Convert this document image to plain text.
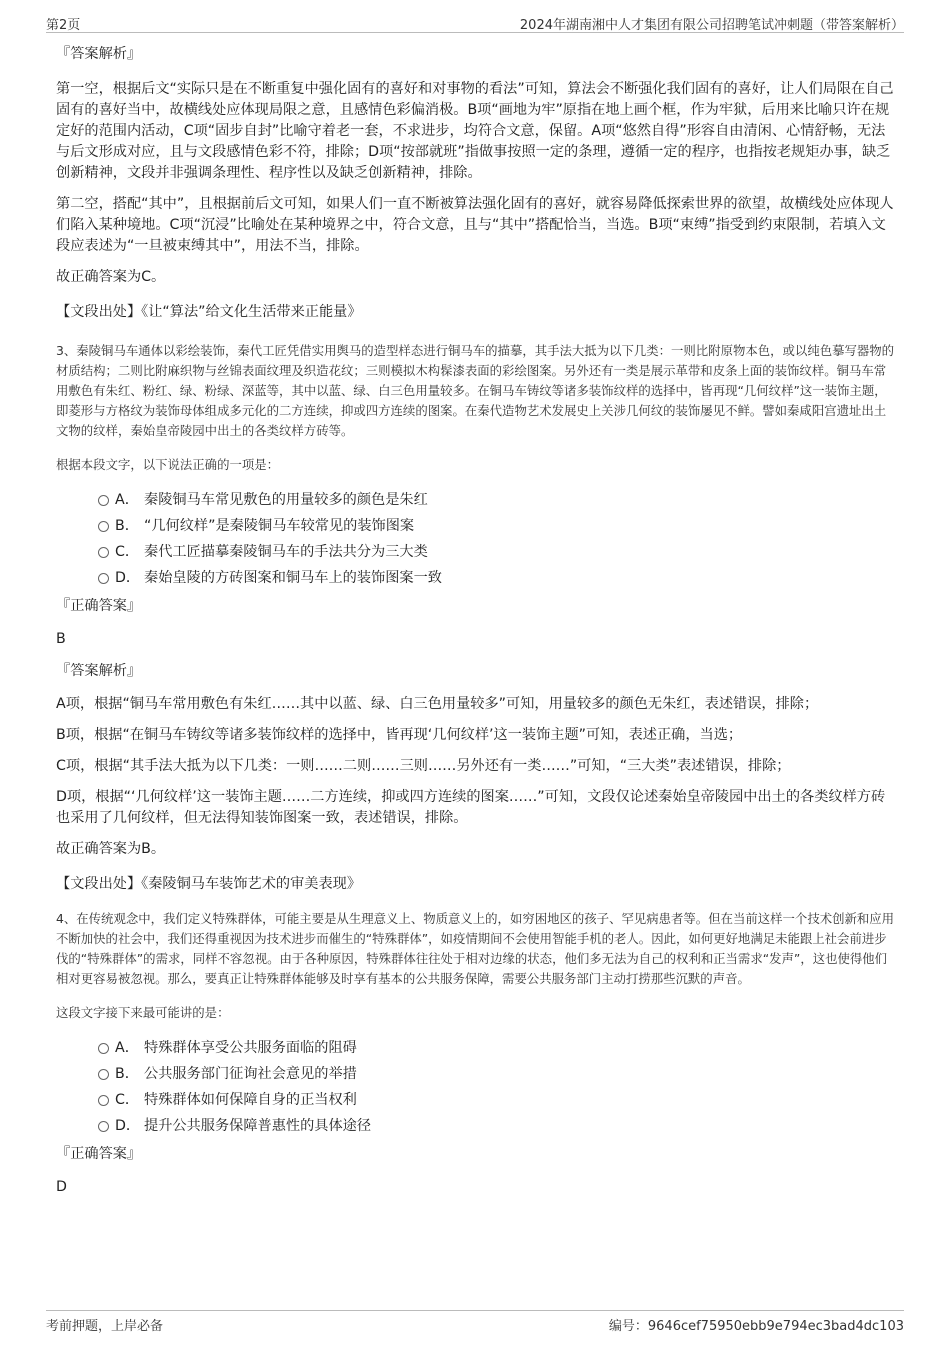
第2页	2024年湖南湘中人才集团有限公司招聘笔试冲刺题（带答案解析）

『答案解析』

第一空，根据后文“实际只是在不断重复中强化固有的喜好和对事物的看法”可知，算法会不断强化我们固有的喜好，让人们局限在自己固有的喜好当中，故横线处应体现局限之意，且感情色彩偏消极。B项“画地为牢”原指在地上画个框，作为牢狱，后用来比喻只许在规定好的范围内活动，C项“固步自封”比喻守着老一套，不求进步，均符合文意，保留。A项“悠然自得”形容自由清闲、心情舒畅，无法与后文形成对应，且与文段感情色彩不符，排除；D项“按部就班”指做事按照一定的条理，遵循一定的程序，也指按老规矩办事，缺乏创新精神，文段并非强调条理性、程序性以及缺乏创新精神，排除。

第二空，搭配“其中”，且根据前后文可知，如果人们一直不断被算法强化固有的喜好，就容易降低探索世界的欲望，故横线处应体现人们陷入某种境地。C项“沉浸”比喻处在某种境界之中，符合文意，且与“其中”搭配恰当，当选。B项“束缚”指受到约束限制，若填入文段应表述为“一旦被束缚其中”，用法不当，排除。

故正确答案为C。

【文段出处】《让“算法”给文化生活带来正能量》

3、秦陵铜马车通体以彩绘装饰，秦代工匠凭借实用舆马的造型样态进行铜马车的描摹，其手法大抵为以下几类：一则比附原物本色，或以纯色摹写器物的材质结构；二则比附麻织物与丝锦表面纹理及织造花纹；三则模拟木构髹漆表面的彩绘图案。另外还有一类是展示革带和皮条上面的装饰纹样。铜马车常用敷色有朱红、粉红、绿、粉绿、深蓝等，其中以蓝、绿、白三色用量较多。在铜马车铸纹等诸多装饰纹样的选择中，皆再现“几何纹样”这一装饰主题，即菱形与方格纹为装饰母体组成多元化的二方连续，抑或四方连续的图案。在秦代造物艺术发展史上关涉几何纹的装饰屡见不鲜。譬如秦咸阳宫遗址出土文物的纹样，秦始皇帝陵园中出土的各类纹样方砖等。

根据本段文字，以下说法正确的一项是：

A． 秦陵铜马车常见敷色的用量较多的颜色是朱红
B． “几何纹样”是秦陵铜马车较常见的装饰图案
C． 秦代工匠描摹秦陵铜马车的手法共分为三大类
D． 秦始皇陵的方砖图案和铜马车上的装饰图案一致

『正确答案』

B

『答案解析』

A项，根据“铜马车常用敷色有朱红……其中以蓝、绿、白三色用量较多”可知，用量较多的颜色无朱红，表述错误，排除；

B项，根据“在铜马车铸纹等诸多装饰纹样的选择中，皆再现‘几何纹样’这一装饰主题”可知，表述正确，当选；

C项，根据“其手法大抵为以下几类：一则……二则……三则……另外还有一类……”可知，“三大类”表述错误，排除；

D项，根据“‘几何纹样’这一装饰主题……二方连续，抑或四方连续的图案……”可知，文段仅论述秦始皇帝陵园中出土的各类纹样方砖也采用了几何纹样，但无法得知装饰图案一致，表述错误，排除。

故正确答案为B。

【文段出处】《秦陵铜马车装饰艺术的审美表现》

4、在传统观念中，我们定义特殊群体，可能主要是从生理意义上、物质意义上的，如穷困地区的孩子、罕见病患者等。但在当前这样一个技术创新和应用不断加快的社会中，我们还得重视因为技术进步而催生的“特殊群体”，如疫情期间不会使用智能手机的老人。因此，如何更好地满足未能跟上社会前进步伐的“特殊群体”的需求，同样不容忽视。由于各种原因，特殊群体往往处于相对边缘的状态，他们多无法为自己的权利和正当需求“发声”，这也使得他们相对更容易被忽视。那么，要真正让特殊群体能够及时享有基本的公共服务保障，需要公共服务部门主动打捞那些沉默的声音。

这段文字接下来最可能讲的是：

A． 特殊群体享受公共服务面临的阻碍
B． 公共服务部门征询社会意见的举措
C． 特殊群体如何保障自身的正当权利
D． 提升公共服务保障普惠性的具体途径

『正确答案』

D

考前押题，上岸必备	编号：9646cef75950ebb9e794ec3bad4dc103
